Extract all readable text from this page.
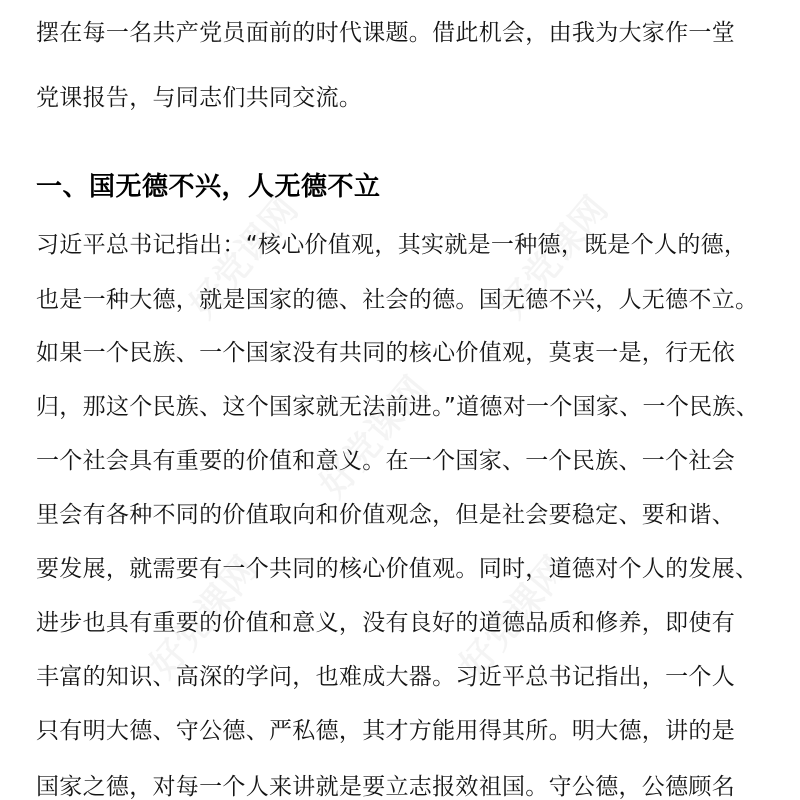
摆在每一名共产党员面前的时代课题。借此机会，由我为大家作一堂
党课报告，与同志们共同交流。
一、国无德不兴，人无德不立
习近平总书记指出：“核心价值观，其实就是一种德，既是个人的德，
也是一种大德，就是国家的德、社会的德。国无德不兴，人无德不立。
如果一个民族、一个国家没有共同的核心价值观，莫衷一是，行无依
归，那这个民族、这个国家就无法前进。”道德对一个国家、一个民族、
一个社会具有重要的价值和意义。在一个国家、一个民族、一个社会
里会有各种不同的价值取向和价值观念，但是社会要稳定、要和谐、
要发展，就需要有一个共同的核心价值观。同时，道德对个人的发展、
进步也具有重要的价值和意义，没有良好的道德品质和修养，即使有
丰富的知识、高深的学问，也难成大器。习近平总书记指出，一个人
只有明大德、守公德、严私德，其才方能用得其所。明大德，讲的是
国家之德，对每一个人来讲就是要立志报效祖国。守公德，公德顾名
